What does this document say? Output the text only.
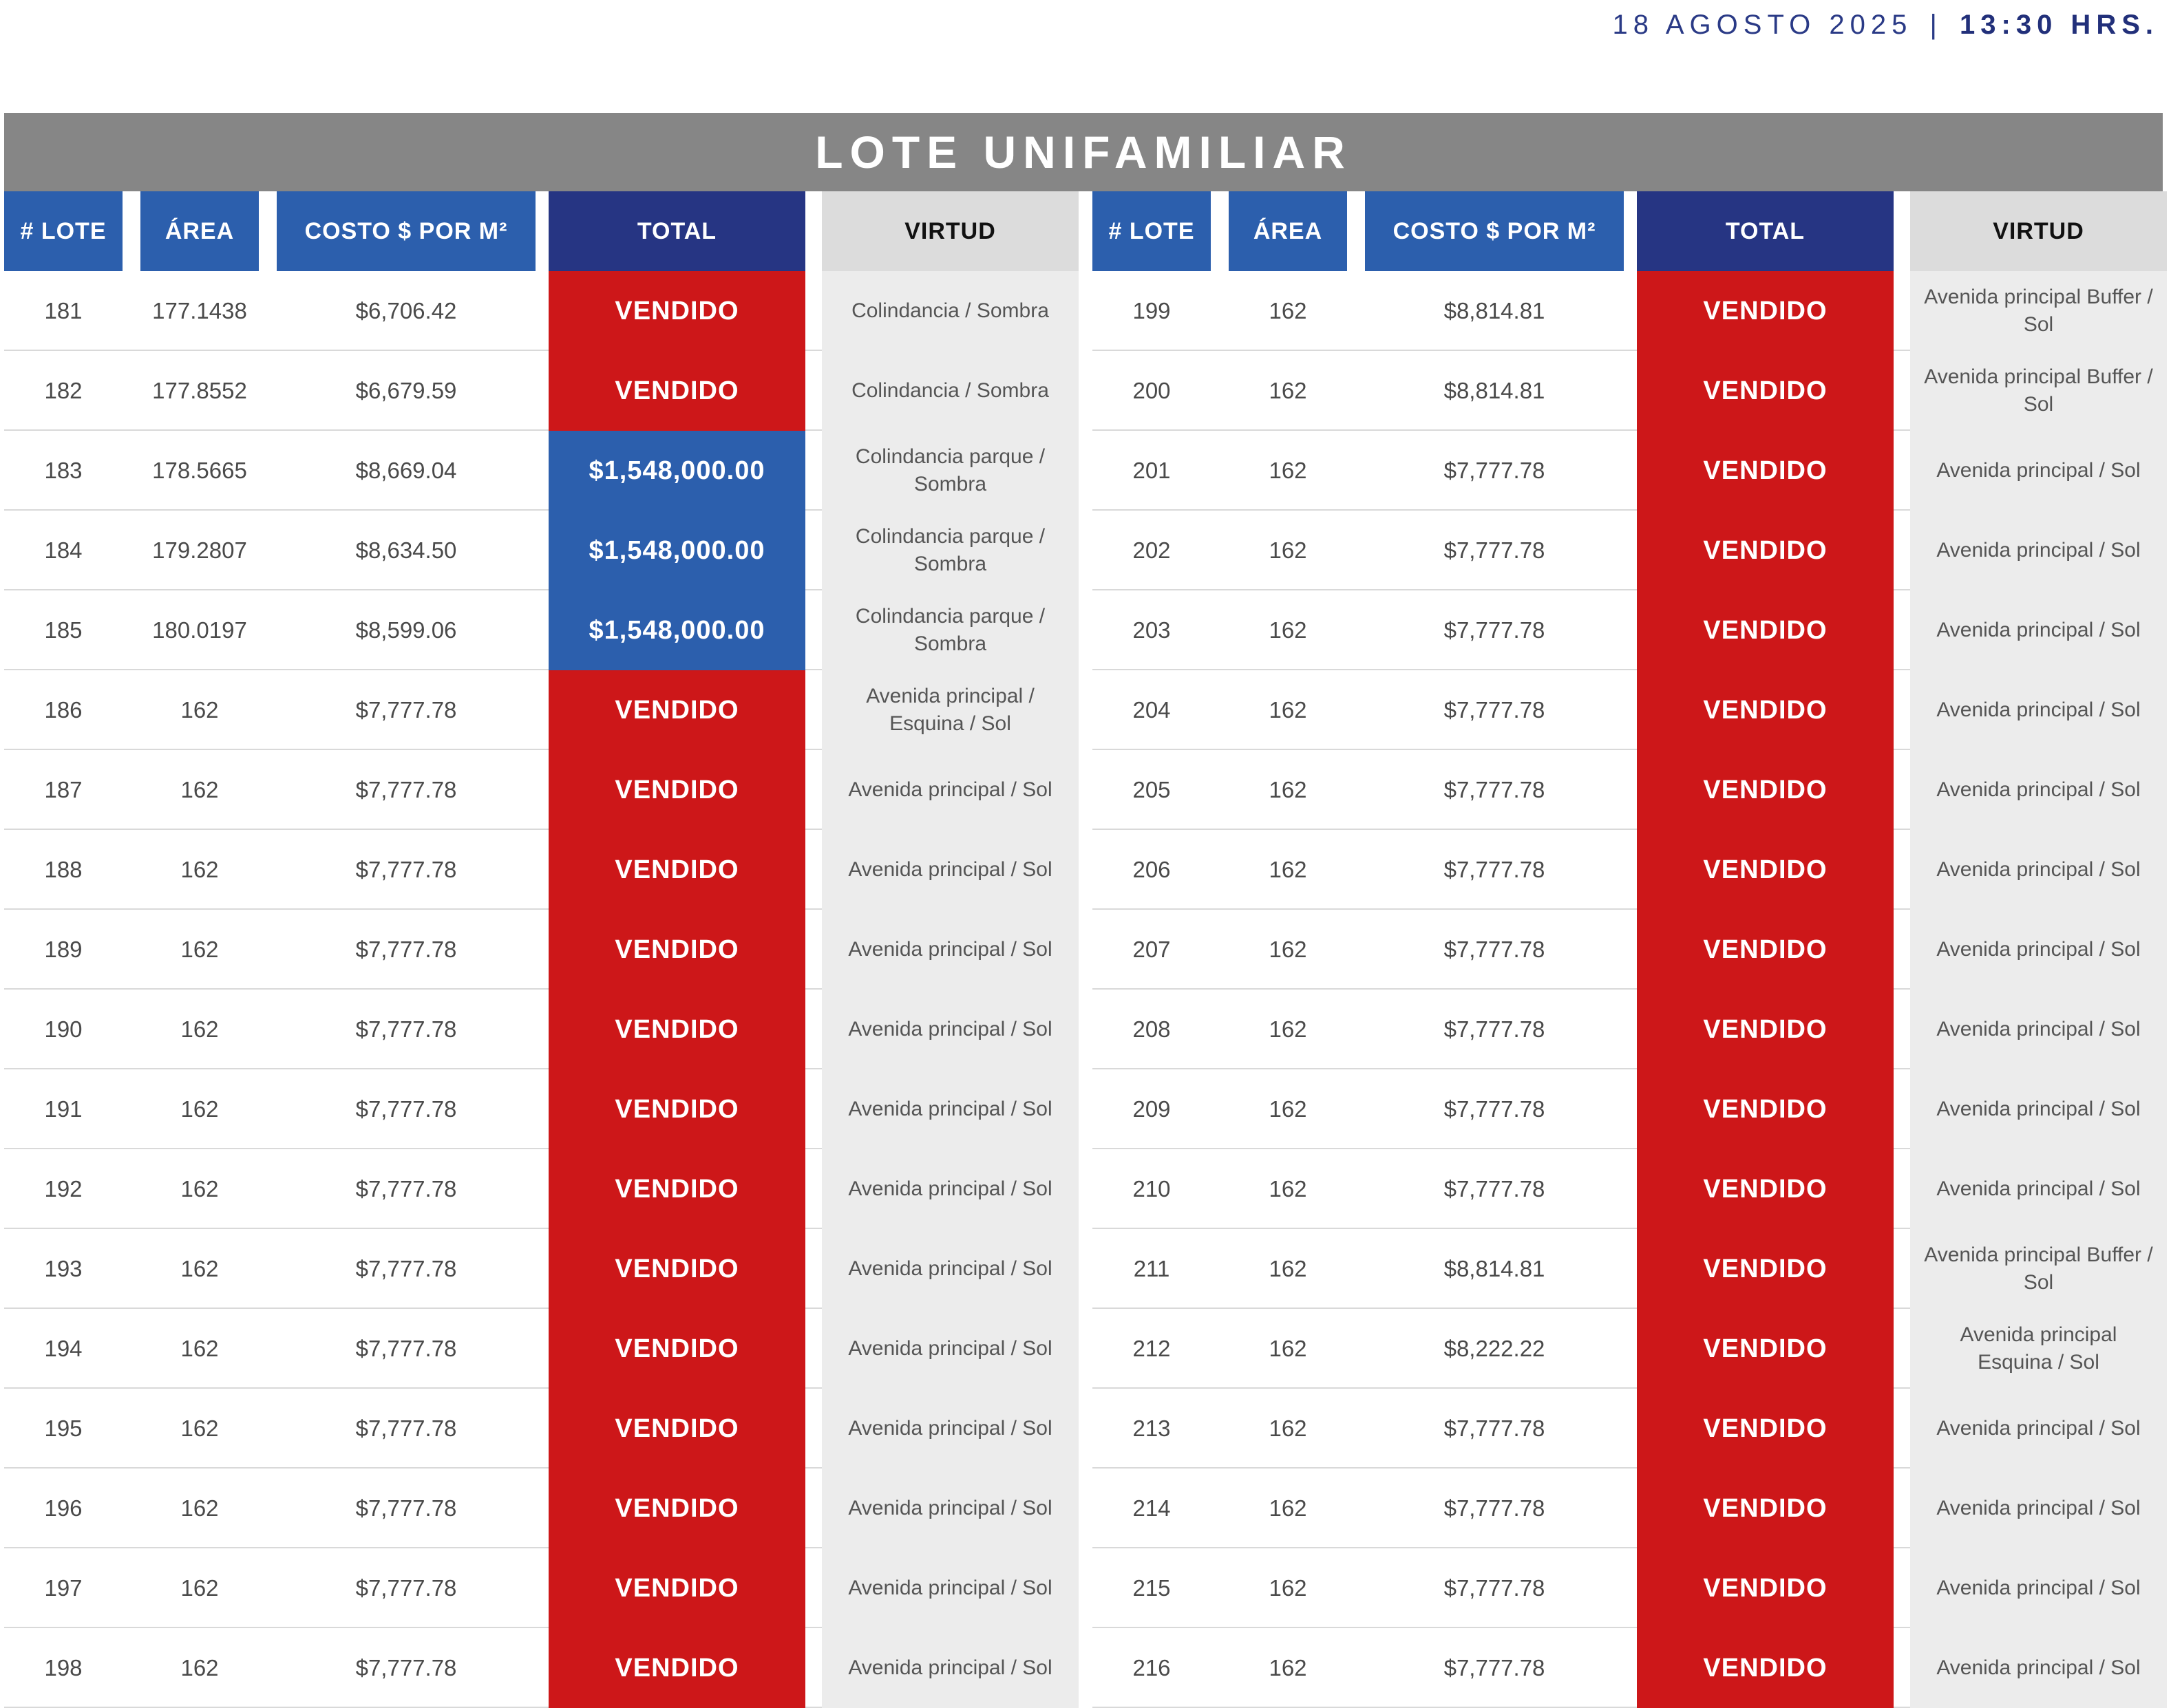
18 AGOSTO 2025 | 13:30 HRS.
LOTE UNIFAMILIAR
# LOTE	ÁREA	COSTO $ POR M²	TOTAL	VIRTUD
181	177.1438	$6,706.42	VENDIDO	Colindancia / Sombra
182	177.8552	$6,679.59	VENDIDO	Colindancia / Sombra
183	178.5665	$8,669.04	$1,548,000.00	Colindancia parque / Sombra
184	179.2807	$8,634.50	$1,548,000.00	Colindancia parque / Sombra
185	180.0197	$8,599.06	$1,548,000.00	Colindancia parque / Sombra
186	162	$7,777.78	VENDIDO	Avenida principal / Esquina / Sol
187	162	$7,777.78	VENDIDO	Avenida principal / Sol
188	162	$7,777.78	VENDIDO	Avenida principal / Sol
189	162	$7,777.78	VENDIDO	Avenida principal / Sol
190	162	$7,777.78	VENDIDO	Avenida principal / Sol
191	162	$7,777.78	VENDIDO	Avenida principal / Sol
192	162	$7,777.78	VENDIDO	Avenida principal / Sol
193	162	$7,777.78	VENDIDO	Avenida principal / Sol
194	162	$7,777.78	VENDIDO	Avenida principal / Sol
195	162	$7,777.78	VENDIDO	Avenida principal / Sol
196	162	$7,777.78	VENDIDO	Avenida principal / Sol
197	162	$7,777.78	VENDIDO	Avenida principal / Sol
198	162	$7,777.78	VENDIDO	Avenida principal / Sol
# LOTE	ÁREA	COSTO $ POR M²	TOTAL	VIRTUD
199	162	$8,814.81	VENDIDO	Avenida principal Buffer / Sol
200	162	$8,814.81	VENDIDO	Avenida principal Buffer / Sol
201	162	$7,777.78	VENDIDO	Avenida principal / Sol
202	162	$7,777.78	VENDIDO	Avenida principal / Sol
203	162	$7,777.78	VENDIDO	Avenida principal / Sol
204	162	$7,777.78	VENDIDO	Avenida principal / Sol
205	162	$7,777.78	VENDIDO	Avenida principal / Sol
206	162	$7,777.78	VENDIDO	Avenida principal / Sol
207	162	$7,777.78	VENDIDO	Avenida principal / Sol
208	162	$7,777.78	VENDIDO	Avenida principal / Sol
209	162	$7,777.78	VENDIDO	Avenida principal / Sol
210	162	$7,777.78	VENDIDO	Avenida principal / Sol
211	162	$8,814.81	VENDIDO	Avenida principal Buffer / Sol
212	162	$8,222.22	VENDIDO	Avenida principal Esquina / Sol
213	162	$7,777.78	VENDIDO	Avenida principal / Sol
214	162	$7,777.78	VENDIDO	Avenida principal / Sol
215	162	$7,777.78	VENDIDO	Avenida principal / Sol
216	162	$7,777.78	VENDIDO	Avenida principal / Sol
